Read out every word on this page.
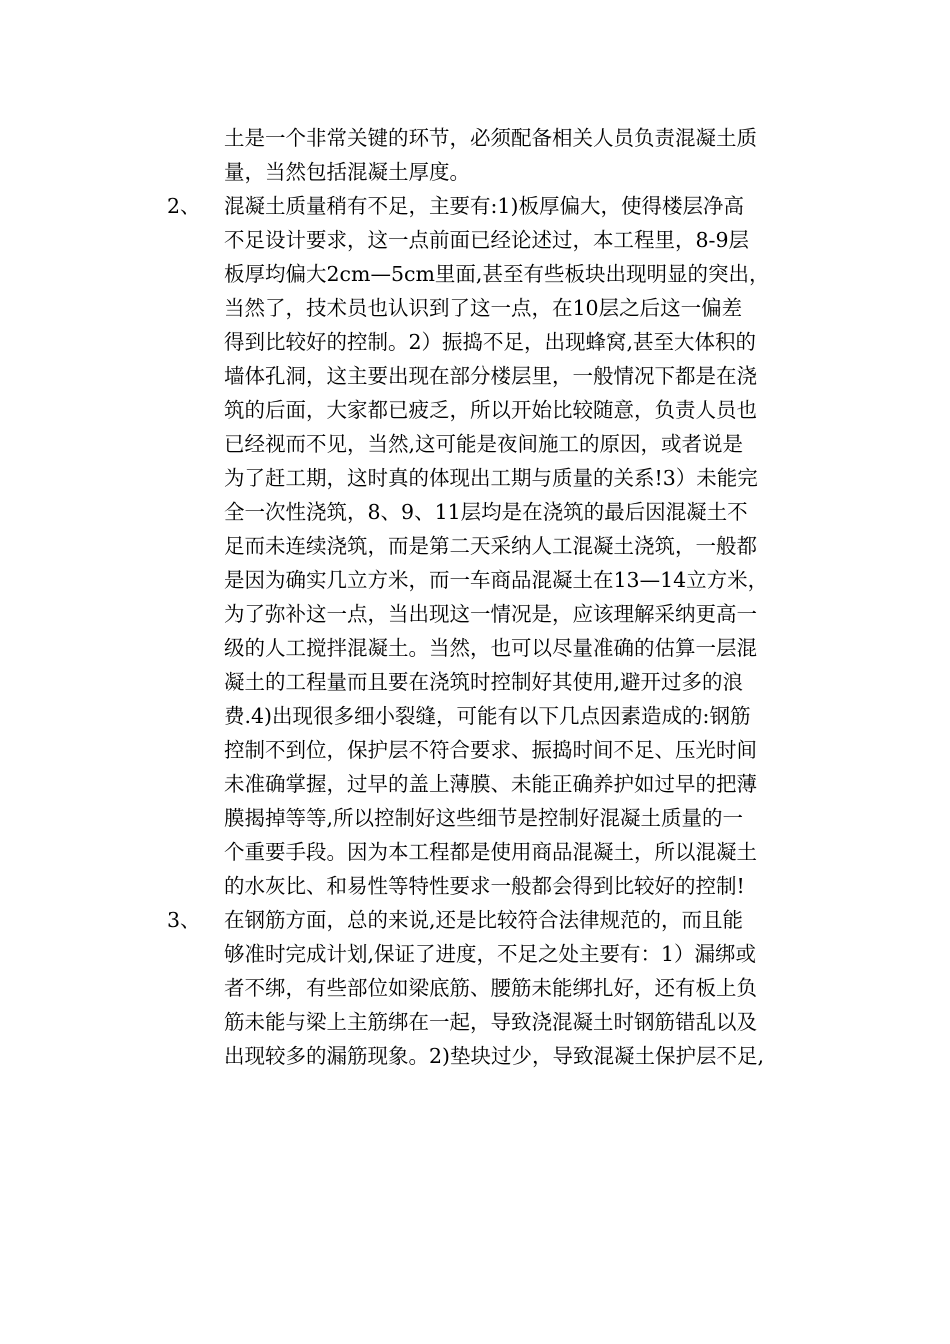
土是一个非常关键的环节，必须配备相关人员负责混凝土质
量，当然包括混凝土厚度。
混凝土质量稍有不足，主要有:1)板厚偏大，使得楼层净高
不足设计要求，这一点前面已经论述过，本工程里，8-9层
板厚均偏大2cm—5cm里面,甚至有些板块出现明显的突出，
当然了，技术员也认识到了这一点，在10层之后这一偏差
得到比较好的控制。2）振捣不足，出现蜂窝,甚至大体积的
墙体孔洞，这主要出现在部分楼层里，一般情况下都是在浇
筑的后面，大家都已疲乏，所以开始比较随意，负责人员也
已经视而不见，当然,这可能是夜间施工的原因，或者说是
为了赶工期，这时真的体现出工期与质量的关系!3）未能完
全一次性浇筑，8、9、11层均是在浇筑的最后因混凝土不
足而未连续浇筑，而是第二天采纳人工混凝土浇筑，一般都
是因为确实几立方米，而一车商品混凝土在13—14立方米，
为了弥补这一点，当出现这一情况是，应该理解采纳更高一
级的人工搅拌混凝土。当然，也可以尽量准确的估算一层混
凝土的工程量而且要在浇筑时控制好其使用,避开过多的浪
费.4)出现很多细小裂缝，可能有以下几点因素造成的:钢筋
控制不到位，保护层不符合要求、振捣时间不足、压光时间
未准确掌握，过早的盖上薄膜、未能正确养护如过早的把薄
膜揭掉等等,所以控制好这些细节是控制好混凝土质量的一
个重要手段。因为本工程都是使用商品混凝土，所以混凝土
的水灰比、和易性等特性要求一般都会得到比较好的控制!
在钢筋方面，总的来说,还是比较符合法律规范的，而且能
够准时完成计划,保证了进度，不足之处主要有：1）漏绑或
者不绑，有些部位如梁底筋、腰筋未能绑扎好，还有板上负
筋未能与梁上主筋绑在一起，导致浇混凝土时钢筋错乱以及
出现较多的漏筋现象。2)垫块过少，导致混凝土保护层不足,
2、
3、
